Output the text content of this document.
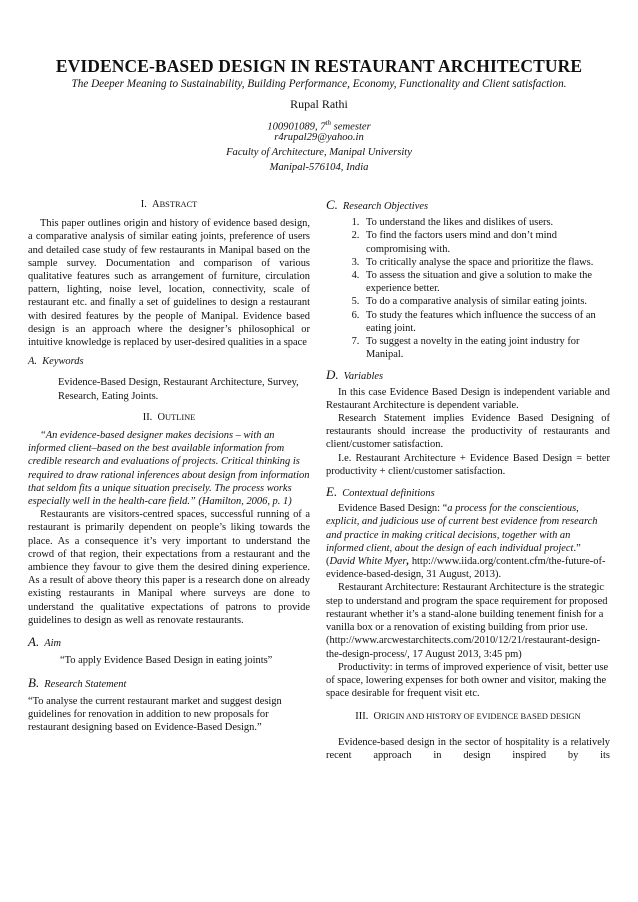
EVIDENCE-BASED DESIGN IN RESTAURANT ARCHITECTURE
The Deeper Meaning to Sustainability, Building Performance, Economy, Functionality and Client satisfaction.
Rupal Rathi
100901089, 7th semester
r4rupal29@yahoo.in
Faculty of Architecture, Manipal University
Manipal-576104, India

I. ABSTRACT

This paper outlines origin and history of evidence based design, a comparative analysis of similar eating joints, preference of users and detailed case study of few restaurants in Manipal based on the sample survey. Documentation and comparison of various qualitative features such as arrangement of furniture, circulation pattern, lighting, noise level, location, connectivity, scale of restaurant etc. and finally a set of guidelines to design a restaurant with desired features by the people of Manipal. Evidence based design is an approach where the designer’s philosophical or intuitive knowledge is replaced by user-desired qualities in a space

A. Keywords

Evidence-Based Design, Restaurant Architecture, Survey, Research, Eating Joints.

II. OUTLINE

“An evidence-based designer makes decisions – with an informed client–based on the best available information from credible research and evaluations of projects. Critical thinking is required to draw rational inferences about design from information that seldom fits a unique situation precisely. The process works especially well in the health-care field.” (Hamilton, 2006, p. 1)

Restaurants are visitors-centred spaces, successful running of a restaurant is primarily dependent on people’s liking towards the place. As a consequence it’s very important to understand the crowd of that region, their expectations from a restaurant and the ambience they favour to give them the desired dining experience. As a result of above theory this paper is a research done on already existing restaurants in Manipal where surveys are done to understand the qualitative expectations of patrons to provide guidelines to design as well as renovate restaurants.

A. Aim

“To apply Evidence Based Design in eating joints”

B. Research Statement

“To analyse the current restaurant market and suggest design guidelines for renovation in addition to new proposals for restaurant designing based on Evidence-Based Design.”

C. Research Objectives

1. To understand the likes and dislikes of users.
2. To find the factors users mind and don’t mind compromising with.
3. To critically analyse the space and prioritize the flaws.
4. To assess the situation and give a solution to make the experience better.
5. To do a comparative analysis of similar eating joints.
6. To study the features which influence the success of an eating joint.
7. To suggest a novelty in the eating joint industry for Manipal.

D. Variables

In this case Evidence Based Design is independent variable and Restaurant Architecture is dependent variable.

Research Statement implies Evidence Based Designing of restaurants should increase the productivity of restaurants and client/customer satisfaction.

I.e. Restaurant Architecture + Evidence Based Design = better productivity + client/customer satisfaction.

E. Contextual definitions

Evidence Based Design: “a process for the conscientious, explicit, and judicious use of current best evidence from research and practice in making critical decisions, together with an informed client, about the design of each individual project.” (David White Myer, http://www.iida.org/content.cfm/the-future-of-evidence-based-design, 31 August, 2013).

Restaurant Architecture: Restaurant Architecture is the strategic step to understand and program the space requirement for proposed restaurant whether it’s a stand-alone building tenement finish for a vanilla box or a renovation of existing building from prior use. (http://www.arcwestarchitects.com/2010/12/21/restaurant-design-the-design-process/, 17 August 2013, 3:45 pm)

Productivity: in terms of improved experience of visit, better use of space, lowering expenses for both owner and visitor, making the space desirable for frequent visit etc.

III. ORIGIN AND HISTORY OF EVIDENCE BASED DESIGN

Evidence-based design in the sector of hospitality is a relatively recent approach in design inspired by its
